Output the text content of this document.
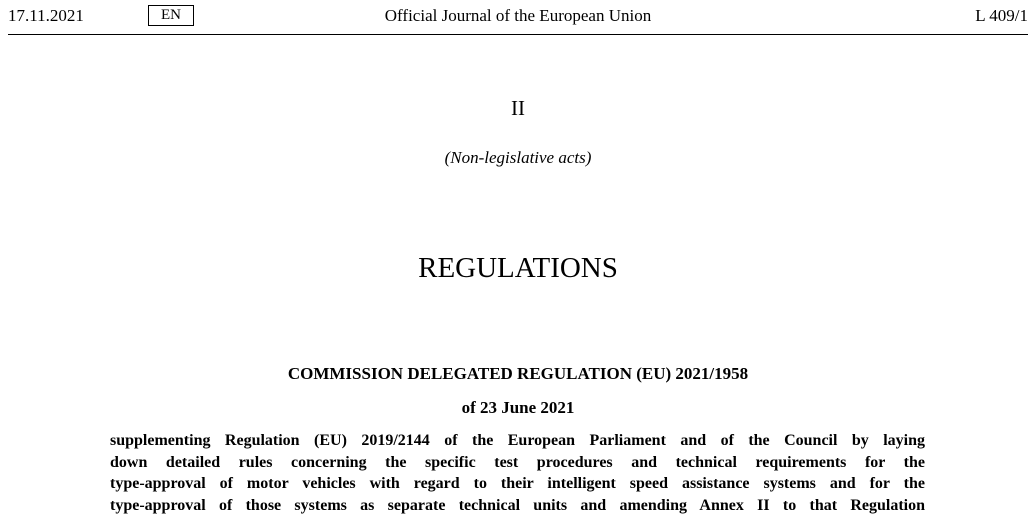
17.11.2021	EN	Official Journal of the European Union	L 409/1
II
(Non-legislative acts)
REGULATIONS
COMMISSION DELEGATED REGULATION (EU) 2021/1958
of 23 June 2021
supplementing Regulation (EU) 2019/2144 of the European Parliament and of the Council by laying
down detailed rules concerning the specific test procedures and technical requirements for the
type-approval of motor vehicles with regard to their intelligent speed assistance systems and for the
type-approval of those systems as separate technical units and amending Annex II to that Regulation
